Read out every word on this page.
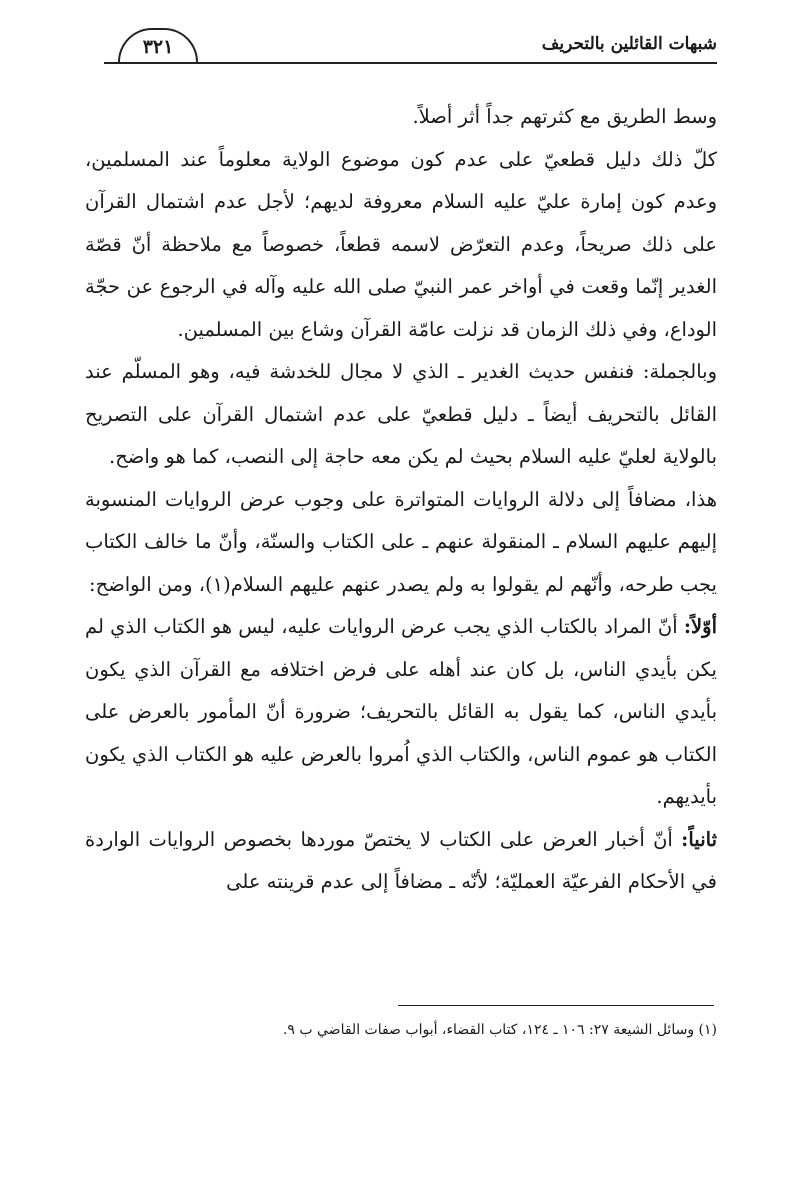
شبهات القائلين بالتحريف
٣٢١

وسط الطريق مع كثرتهم جداً أثر أصلاً.

كلّ ذلك دليل قطعيّ على عدم كون موضوع الولاية معلوماً عند المسلمين، وعدم كون إمارة عليّ عليه السلام معروفة لديهم؛ لأجل عدم اشتمال القرآن على ذلك صريحاً، وعدم التعرّض لاسمه قطعاً، خصوصاً مع ملاحظة أنّ قصّة الغدير إنّما وقعت في أواخر عمر النبيّ صلى الله عليه وآله في الرجوع عن حجّة الوداع، وفي ذلك الزمان قد نزلت عامّة القرآن وشاع بين المسلمين.

وبالجملة: فنفس حديث الغدير ـ الذي لا مجال للخدشة فيه، وهو المسلّم عند القائل بالتحريف أيضاً ـ دليل قطعيّ على عدم اشتمال القرآن على التصريح بالولاية لعليّ عليه السلام بحيث لم يكن معه حاجة إلى النصب، كما هو واضح.

هذا، مضافاً إلى دلالة الروايات المتواترة على وجوب عرض الروايات المنسوبة إليهم عليهم السلام ـ المنقولة عنهم ـ على الكتاب والسنّة، وأنّ ما خالف الكتاب يجب طرحه، وأنّهم لم يقولوا به ولم يصدر عنهم عليهم السلام(١)، ومن الواضح:

أوّلاً: أنّ المراد بالكتاب الذي يجب عرض الروايات عليه، ليس هو الكتاب الذي لم يكن بأيدي الناس، بل كان عند أهله على فرض اختلافه مع القرآن الذي يكون بأيدي الناس، كما يقول به القائل بالتحريف؛ ضرورة أنّ المأمور بالعرض على الكتاب هو عموم الناس، والكتاب الذي اُمروا بالعرض عليه هو الكتاب الذي يكون بأيديهم.

ثانياً: أنّ أخبار العرض على الكتاب لا يختصّ موردها بخصوص الروايات الواردة في الأحكام الفرعيّة العمليّة؛ لأنّه ـ مضافاً إلى عدم قرينته على

(١) وسائل الشيعة ٢٧: ١٠٦ ـ ١٢٤، كتاب القضاء، أبواب صفات القاضي ب ٩.
